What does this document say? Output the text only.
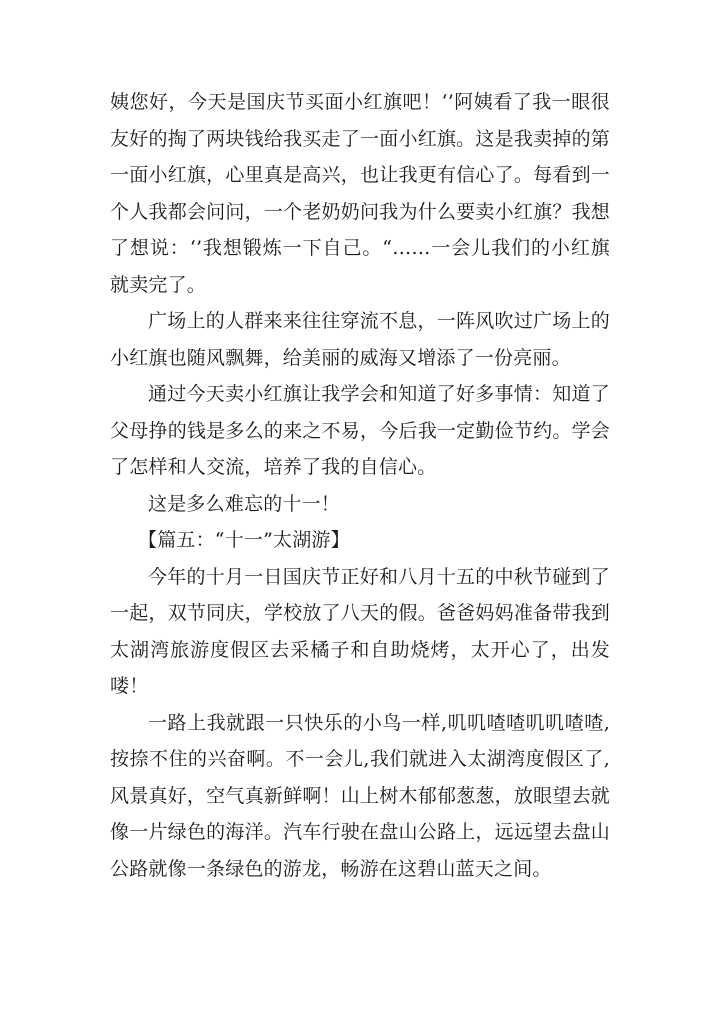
姨您好，今天是国庆节买面小红旗吧！‘’阿姨看了我一眼很友好的掏了两块钱给我买走了一面小红旗。这是我卖掉的第一面小红旗，心里真是高兴，也让我更有信心了。每看到一个人我都会问问，一个老奶奶问我为什么要卖小红旗？我想了想说：‘’我想锻炼一下自己。“……一会儿我们的小红旗就卖完了。

广场上的人群来来往往穿流不息，一阵风吹过广场上的小红旗也随风飘舞，给美丽的威海又增添了一份亮丽。

通过今天卖小红旗让我学会和知道了好多事情：知道了父母挣的钱是多么的来之不易，今后我一定勤俭节约。学会了怎样和人交流，培养了我的自信心。

这是多么难忘的十一！

【篇五：“十一”太湖游】

今年的十月一日国庆节正好和八月十五的中秋节碰到了一起，双节同庆，学校放了八天的假。爸爸妈妈准备带我到太湖湾旅游度假区去采橘子和自助烧烤，太开心了，出发喽！

一路上我就跟一只快乐的小鸟一样,叽叽喳喳叽叽喳喳,按捺不住的兴奋啊。不一会儿,我们就进入太湖湾度假区了,风景真好，空气真新鲜啊！山上树木郁郁葱葱，放眼望去就像一片绿色的海洋。汽车行驶在盘山公路上，远远望去盘山公路就像一条绿色的游龙，畅游在这碧山蓝天之间。
